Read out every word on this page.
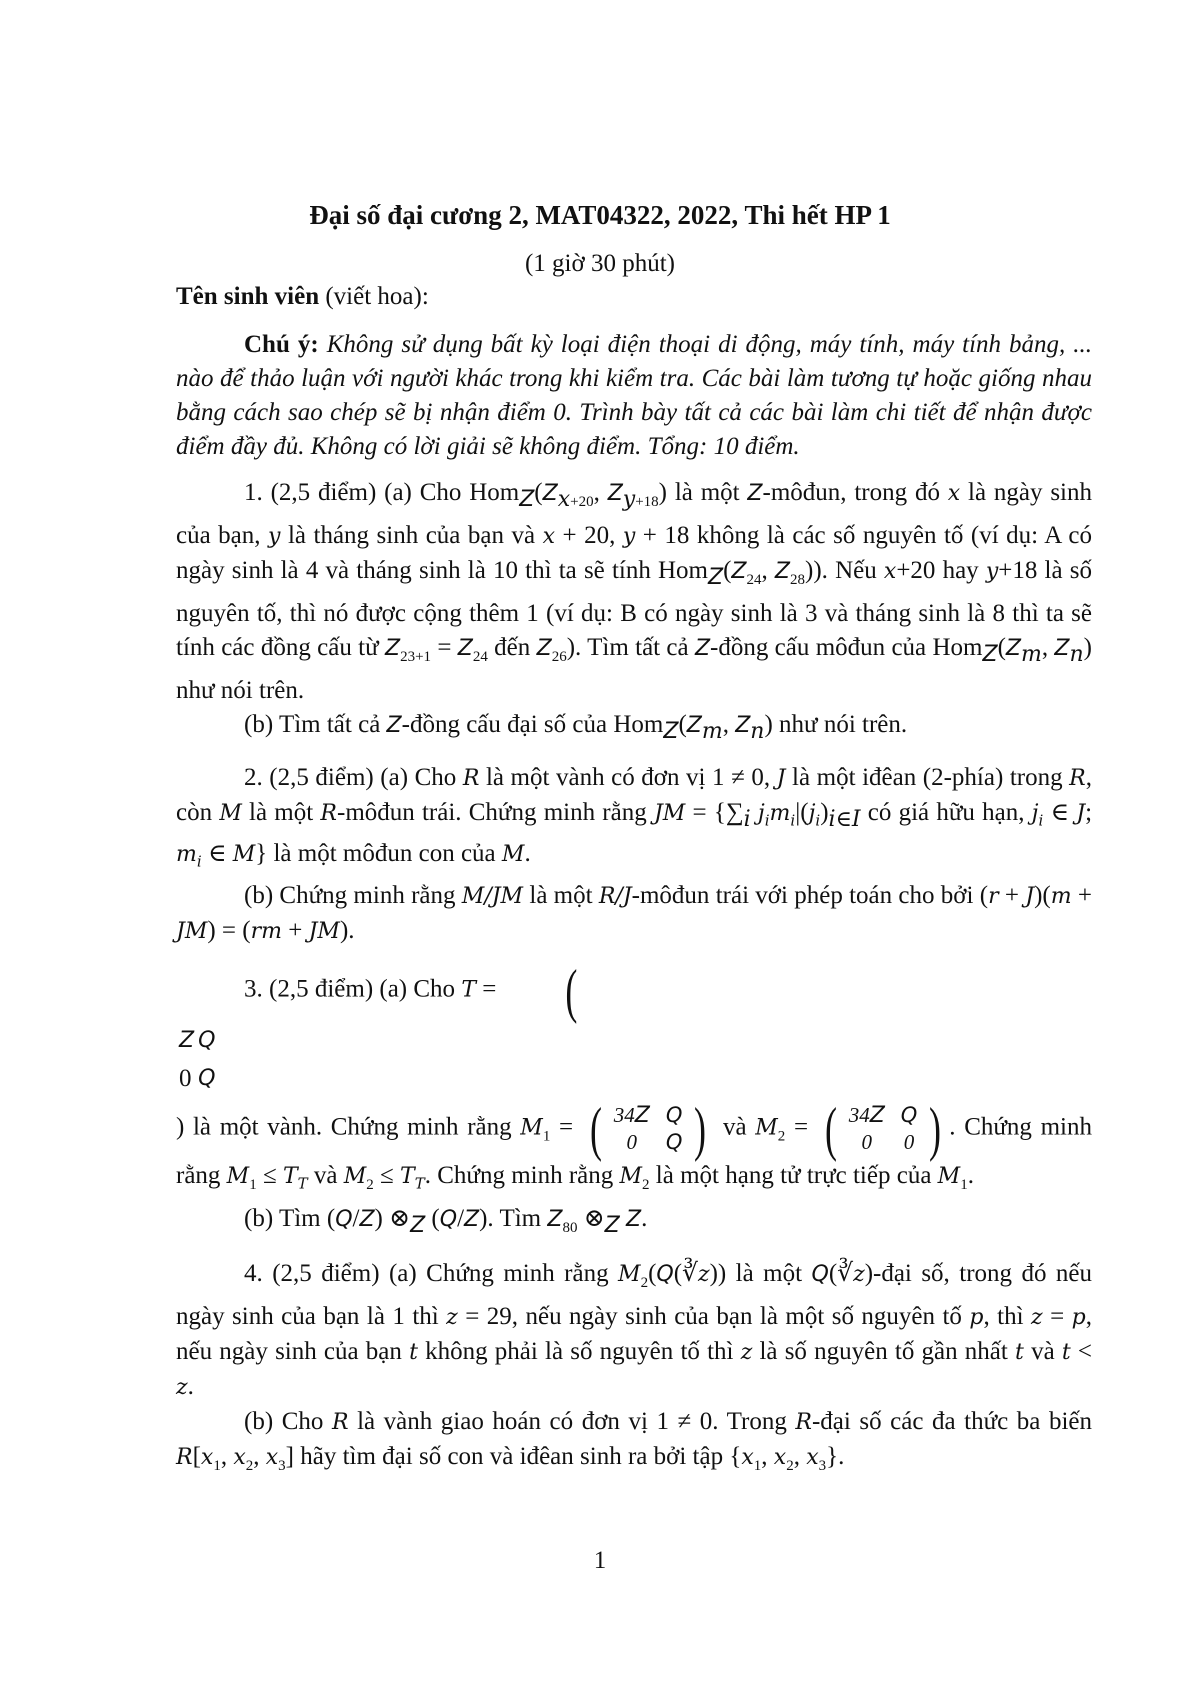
Đại số đại cương 2, MAT04322, 2022, Thi hết HP 1
(1 giờ 30 phút)
Tên sinh viên (viết hoa):

Chú ý: Không sử dụng bất kỳ loại điện thoại di động, máy tính, máy tính bảng, ... nào để thảo luận với người khác trong khi kiểm tra. Các bài làm tương tự hoặc giống nhau bằng cách sao chép sẽ bị nhận điểm 0. Trình bày tất cả các bài làm chi tiết để nhận được điểm đầy đủ. Không có lời giải sẽ không điểm. Tổng: 10 điểm.

1. (2,5 điểm) (a) Cho $Hom_Z(Z_{x+20}$, $Z_{y+18}$) là một Z-môđun, trong đó x là ngày sinh của bạn, y là tháng sinh của bạn và x + 20, y + 18 không là các số nguyên tố (ví dụ: A có ngày sinh là 4 và tháng sinh là 10 thì ta sẽ tính $Hom_Z(Z_{24}$, $Z_{28}$)). Nếu x+20 hay y+18 là số nguyên tố, thì nó được cộng thêm 1 (ví dụ: B có ngày sinh là 3 và tháng sinh là 8 thì ta sẽ tính các đồng cấu từ $Z_{23+1} = Z_{24}$ đến $Z_{26}$). Tìm tất cả Z-đồng cấu môđun của $Hom_Z(Z_m$, $Z_n$) như nói trên.

(b) Tìm tất cả Z-đồng cấu đại số của $Hom_Z(Z_m$, $Z_n$) như nói trên.

2. (2,5 điểm) (a) Cho R là một vành có đơn vị 1 ≠ 0, J là một iđêan (2-phía) trong R, còn M là một R-môđun trái. Chứng minh rằng JM = {$\sum_i$ $j_im_i|(j_i)_{i\in I}$ có giá hữu hạn, $j_i$ ∈ J; $m_i$ ∈ M} là một môđun con của M.

(b) Chứng minh rằng M/JM là một R/J-môđun trái với phép toán cho bởi (r + J)(m + JM) = (rm + JM).

3. (2,5 điểm) (a) Cho T =	(

Z	Q
0	Q
) là một vành. Chứng minh rằng $M_1$ = ( 34Z	Q
0	Q ) và $M_2$ = ( 34Z	Q
0	0 ) . Chứng minh rằng $M_1 \le T_T$ và $M_2 \le T_T$. Chứng minh rằng $M_2$ là một hạng tử trực tiếp của $M_1$.

(b) Tìm (Q/Z) $\otimes_Z$ (Q/Z). Tìm $Z_{80}$ $\otimes_Z$ Z.

4. (2,5 điểm) (a) Chứng minh rằng $M_2(Q(∛z))$ là một Q(∛z)-đại số, trong đó nếu ngày sinh của bạn là 1 thì z = 29, nếu ngày sinh của bạn là một số nguyên tố p, thì z = p, nếu ngày sinh của bạn t không phải là số nguyên tố thì z là số nguyên tố gần nhất t và t < z.

(b) Cho R là vành giao hoán có đơn vị 1 ≠ 0. Trong R-đại số các đa thức ba biến $R[x_1$, $x_2$, $x_3$] hãy tìm đại số con và iđêan sinh ra bởi tập {$x_1$, $x_2$, $x_3$}.

1
